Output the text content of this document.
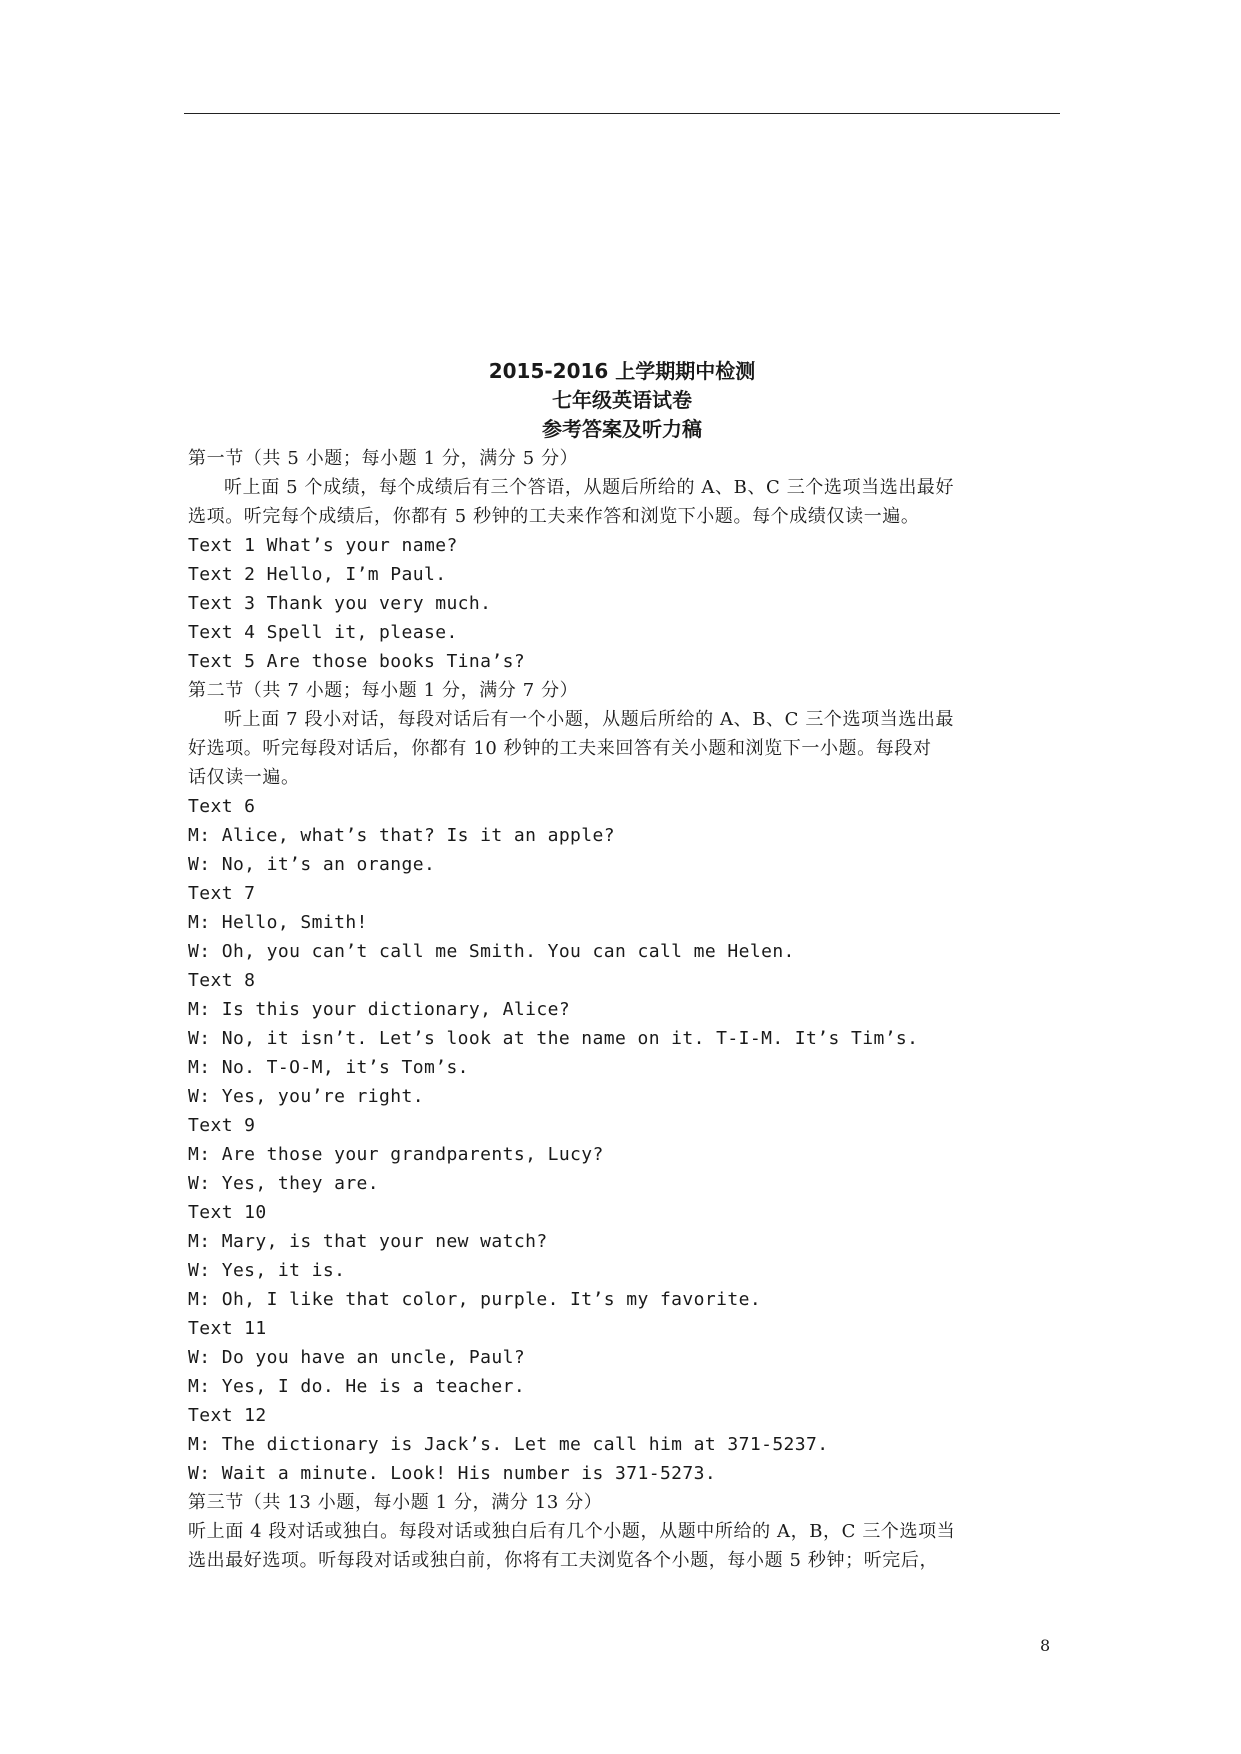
2015-2016 上学期期中检测
七年级英语试卷
参考答案及听力稿
第一节（共 5 小题；每小题 1 分，满分 5 分）
听上面 5 个成绩，每个成绩后有三个答语，从题后所给的 A、B、C 三个选项当选出最好
选项。听完每个成绩后，你都有 5 秒钟的工夫来作答和浏览下小题。每个成绩仅读一遍。
Text 1 What’s your name?
Text 2 Hello, I’m Paul.
Text 3 Thank you very much.
Text 4 Spell it, please.
Text 5 Are those books Tina’s?
第二节（共 7 小题；每小题 1 分，满分 7 分）
听上面 7 段小对话，每段对话后有一个小题，从题后所给的 A、B、C 三个选项当选出最
好选项。听完每段对话后，你都有 10 秒钟的工夫来回答有关小题和浏览下一小题。每段对
话仅读一遍。
Text 6
M: Alice, what’s that? Is it an apple?
W: No, it’s an orange.
Text 7
M: Hello, Smith!
W: Oh, you can’t call me Smith. You can call me Helen.
Text 8
M: Is this your dictionary, Alice?
W: No, it isn’t. Let’s look at the name on it. T-I-M. It’s Tim’s.
M: No. T-O-M, it’s Tom’s.
W: Yes, you’re right.
Text 9
M: Are those your grandparents, Lucy?
W: Yes, they are.
Text 10
M: Mary, is that your new watch?
W: Yes, it is.
M: Oh, I like that color, purple. It’s my favorite.
Text 11
W: Do you have an uncle, Paul?
M: Yes, I do. He is a teacher.
Text 12
M: The dictionary is Jack’s. Let me call him at 371-5237.
W: Wait a minute. Look! His number is 371-5273.
第三节（共 13 小题，每小题 1 分，满分 13 分）
听上面 4 段对话或独白。每段对话或独白后有几个小题，从题中所给的 A，B，C 三个选项当
选出最好选项。听每段对话或独白前，你将有工夫浏览各个小题，每小题 5 秒钟；听完后，
8
